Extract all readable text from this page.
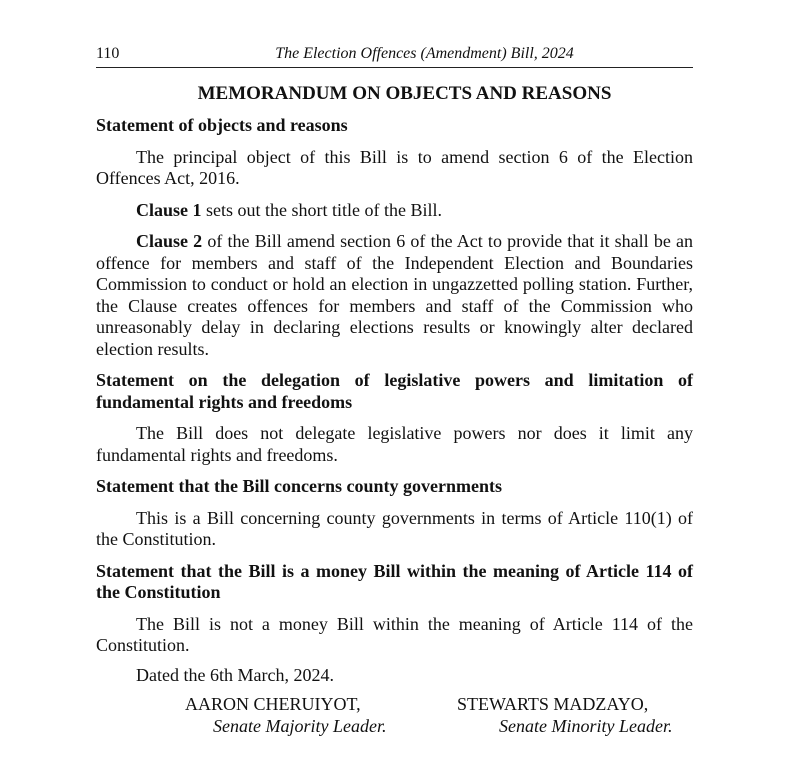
110	The Election Offences (Amendment) Bill, 2024
MEMORANDUM ON OBJECTS AND REASONS
Statement of objects and reasons

The principal object of this Bill is to amend section 6 of the Election Offences Act, 2016.

Clause 1 sets out the short title of the Bill.

Clause 2 of the Bill amend section 6 of the Act to provide that it shall be an offence for members and staff of the Independent Election and Boundaries Commission to conduct or hold an election in ungazzetted polling station. Further, the Clause creates offences for members and staff of the Commission who unreasonably delay in declaring elections results or knowingly alter declared election results.

Statement on the delegation of legislative powers and limitation of fundamental rights and freedoms

The Bill does not delegate legislative powers nor does it limit any fundamental rights and freedoms.

Statement that the Bill concerns county governments

This is a Bill concerning county governments in terms of Article 110(1) of the Constitution.

Statement that the Bill is a money Bill within the meaning of Article 114 of the Constitution

The Bill is not a money Bill within the meaning of Article 114 of the Constitution.

Dated the 6th March, 2024.
AARON CHERUIYOT,
Senate Majority Leader.
STEWARTS MADZAYO,
Senate Minority Leader.
